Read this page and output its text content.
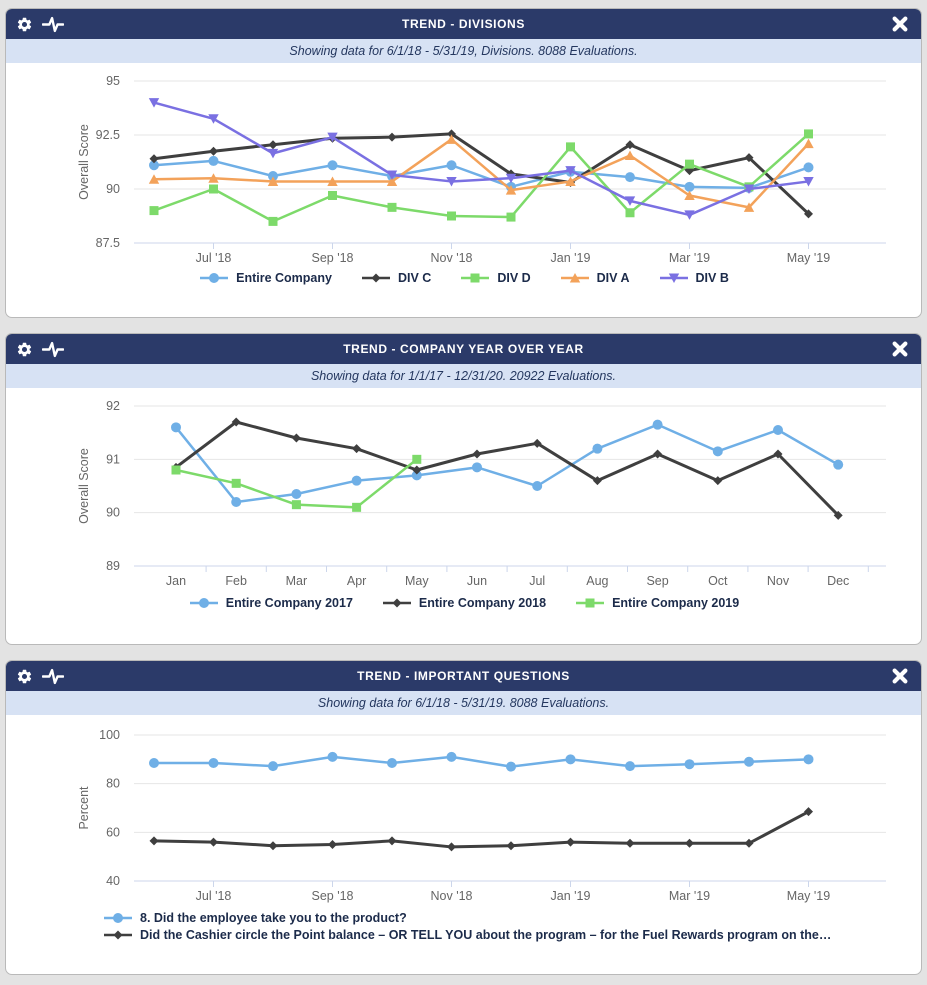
TREND - DIVISIONS
Showing data for 6/1/18 - 5/31/19, Divisions. 8088 Evaluations.
Overall Score
87.5
90
92.5
95
Jul '18	Sep '18	Nov '18	Jan '19	Mar '19	May '19
Entire Company	DIV C	DIV D	DIV A	DIV B
TREND - COMPANY YEAR OVER YEAR
Showing data for 1/1/17 - 12/31/20. 20922 Evaluations.
Overall Score
89
90
91
92
Jan	Feb	Mar	Apr	May	Jun	Jul	Aug	Sep	Oct	Nov	Dec
Entire Company 2017	Entire Company 2018	Entire Company 2019
TREND - IMPORTANT QUESTIONS
Showing data for 6/1/18 - 5/31/19. 8088 Evaluations.
Percent
40
60
80
100
Jul '18	Sep '18	Nov '18	Jan '19	Mar '19	May '19
8. Did the employee take you to the product?
Did the Cashier circle the Point balance – OR TELL YOU about the program – for the Fuel Rewards program on the…
